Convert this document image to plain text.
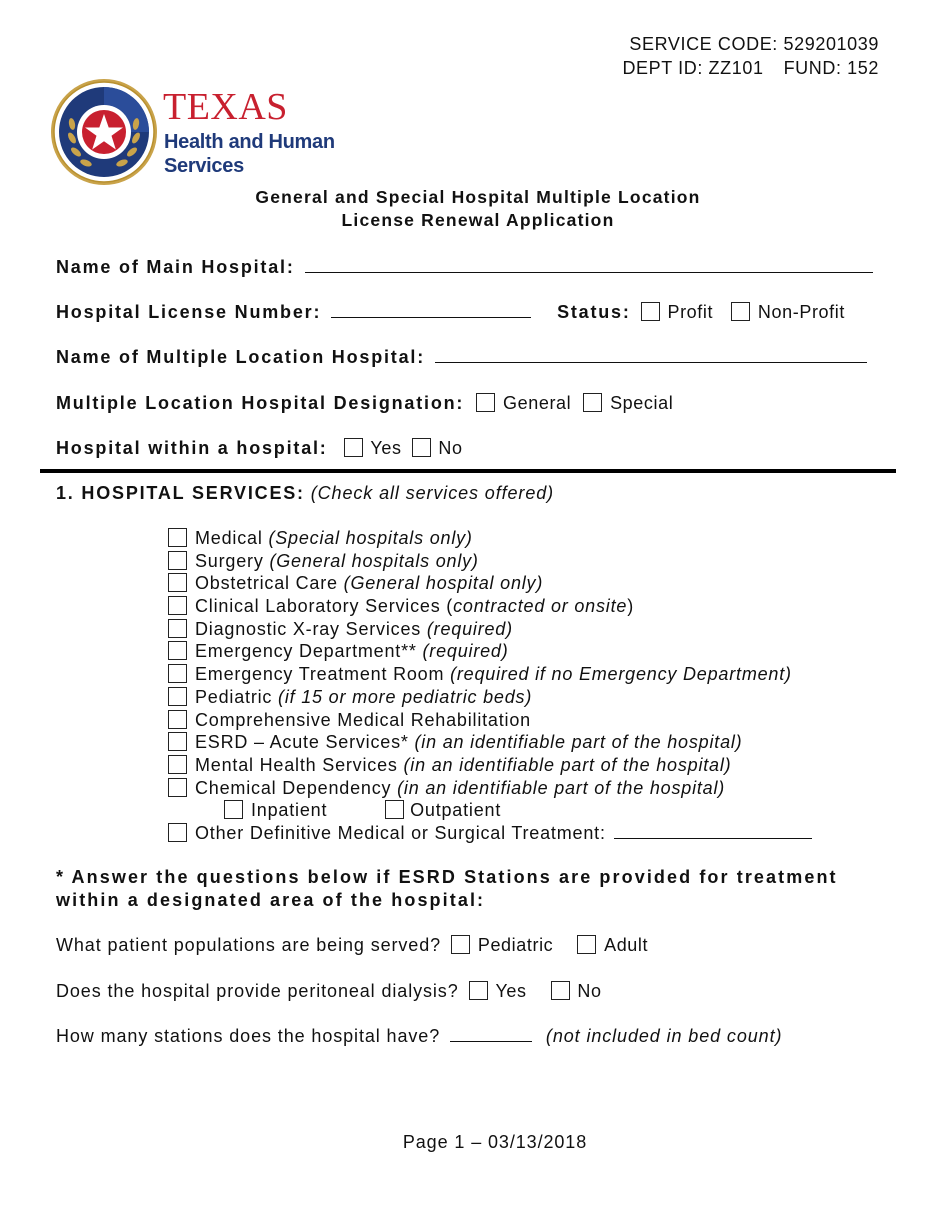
SERVICE CODE: 529201039
DEPT ID: ZZ101 FUND: 152
TEXAS
Health and Human
Services
General and Special Hospital Multiple Location
License Renewal Application
Name of Main Hospital:
Hospital License Number:	Status: Profit Non-Profit
Name of Multiple Location Hospital:
Multiple Location Hospital Designation: General Special
Hospital within a hospital: Yes No
1. HOSPITAL SERVICES: (Check all services offered)
Medical (Special hospitals only)
Surgery (General hospitals only)
Obstetrical Care (General hospital only)
Clinical Laboratory Services (contracted or onsite)
Diagnostic X-ray Services (required)
Emergency Department** (required)
Emergency Treatment Room (required if no Emergency Department)
Pediatric (if 15 or more pediatric beds)
Comprehensive Medical Rehabilitation
ESRD – Acute Services* (in an identifiable part of the hospital)
Mental Health Services (in an identifiable part of the hospital)
Chemical Dependency (in an identifiable part of the hospital)
Inpatient	Outpatient
Other Definitive Medical or Surgical Treatment:
* Answer the questions below if ESRD Stations are provided for treatment within a designated area of the hospital:
What patient populations are being served? Pediatric	Adult
Does the hospital provide peritoneal dialysis? Yes	No
How many stations does the hospital have?	(not included in bed count)
Page 1 – 03/13/2018
